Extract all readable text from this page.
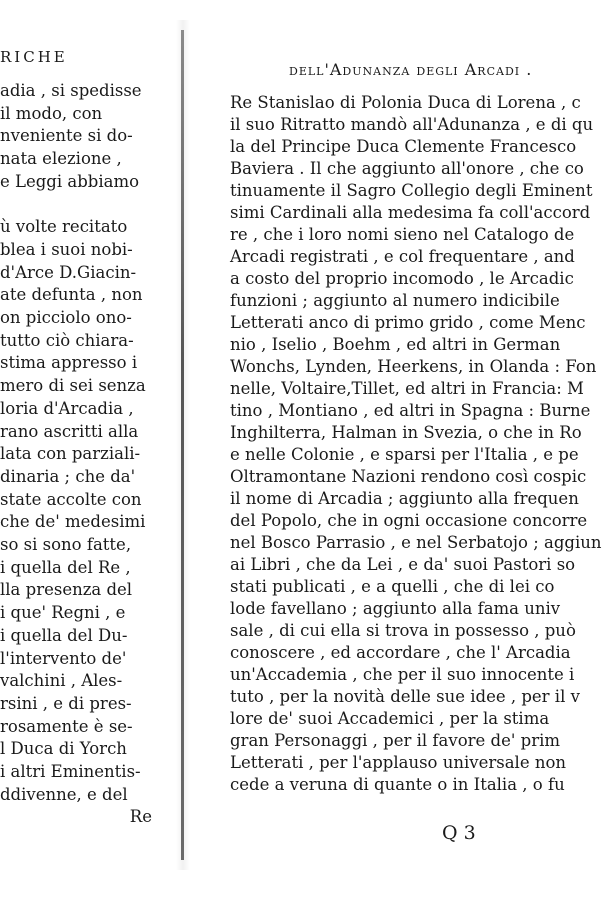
RICHE
adia , si spedisse
il modo, con
nveniente si do-
nata elezione ,
e Leggi abbiamo
ù volte recitato
blea i suoi nobi-
d'Arce D.Giacin-
ate defunta , non
on picciolo ono-
tutto ciò chiara-
stima appresso i
mero di sei senza
loria d'Arcadia ,
rano ascritti alla
lata con parziali-
dinaria ; che da'
state accolte con
che de' medesimi
so si sono fatte,
i quella del Re ,
lla presenza del
i que' Regni , e
i quella del Du-
l'intervento de'
valchini , Ales-
rsini , e di pres-
rosamente è se-
l Duca di Yorch
i altri Eminentis-
ddivenne, e del
Re
dell'Adunanza degli Arcadi .
Re Stanislao di Polonia Duca di Lorena , c
il suo Ritratto mandò all'Adunanza , e di qu
la del Principe Duca Clemente Francesco
Baviera . Il che aggiunto all'onore , che co
tinuamente il Sagro Collegio degli Eminent
simi Cardinali alla medesima fa coll'accord
re , che i loro nomi sieno nel Catalogo de
Arcadi registrati , e col frequentare , and
a costo del proprio incomodo , le Arcadic
funzioni ; aggiunto al numero indicibile
Letterati anco di primo grido , come Menc
nio , Iselio , Boehm , ed altri in German
Wonchs, Lynden, Heerkens, in Olanda : Fon
nelle, Voltaire,Tillet, ed altri in Francia: M
tino , Montiano , ed altri in Spagna : Burne
Inghilterra, Halman in Svezia, o che in Ro
e nelle Colonie , e sparsi per l'Italia , e pe
Oltramontane Nazioni rendono così cospic
il nome di Arcadia ; aggiunto alla frequen
del Popolo, che in ogni occasione concorre
nel Bosco Parrasio , e nel Serbatojo ; aggiun
ai Libri , che da Lei , e da' suoi Pastori so
stati publicati , e a quelli , che di lei co
lode favellano ; aggiunto alla fama univ
sale , di cui ella si trova in possesso , può
conoscere , ed accordare , che l' Arcadia
un'Accademia , che per il suo innocente i
tuto , per la novità delle sue idee , per il v
lore de' suoi Accademici , per la stima
gran Personaggi , per il favore de' prim
Letterati , per l'applauso universale non
cede a veruna di quante o in Italia , o fu
Q 3
